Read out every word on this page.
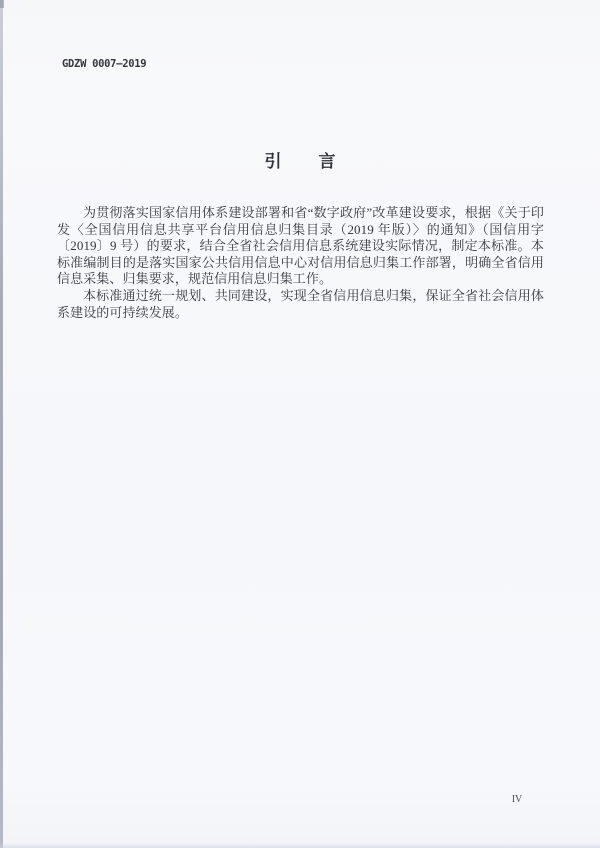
GDZW 0007—2019
引　　言

为贯彻落实国家信用体系建设部署和省“数字政府”改革建设要求，根据《关于印发〈全国信用信息共享平台信用信息归集目录（2019 年版）〉的通知》（国信用字〔2019〕9 号）的要求，结合全省社会信用信息系统建设实际情况，制定本标准。本标准编制目的是落实国家公共信用信息中心对信用信息归集工作部署，明确全省信用信息采集、归集要求，规范信用信息归集工作。

本标准通过统一规划、共同建设，实现全省信用信息归集，保证全省社会信用体系建设的可持续发展。

IV
